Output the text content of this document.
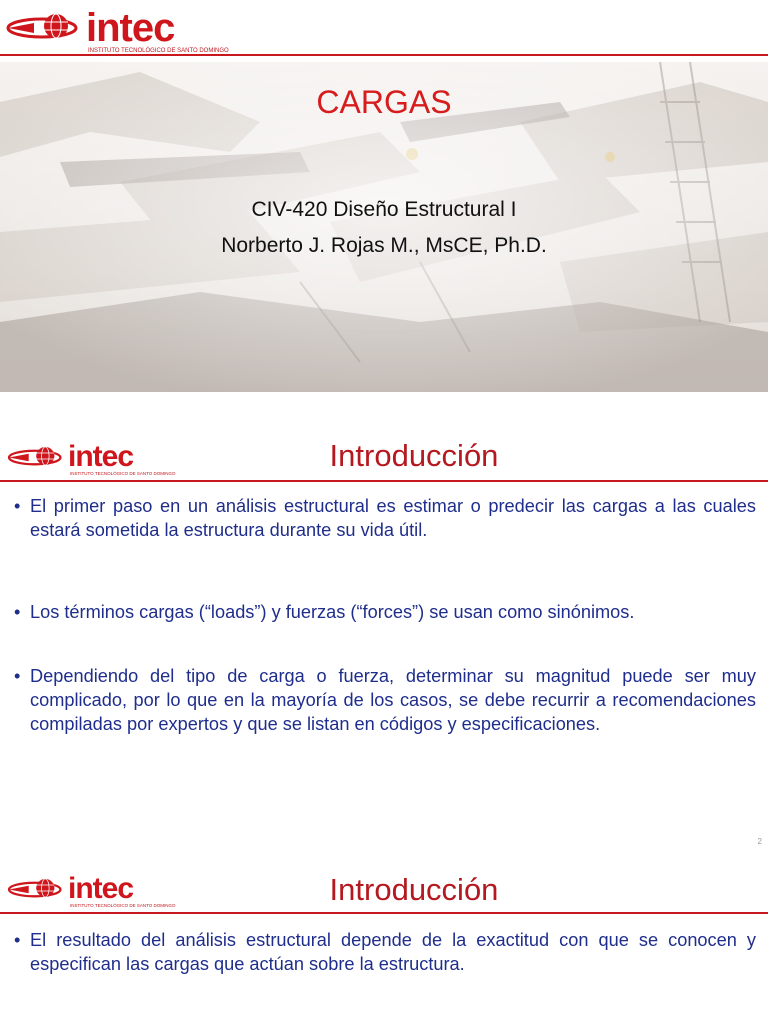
intec
INSTITUTO TECNOLÓGICO DE SANTO DOMINGO
CARGAS
CIV-420 Diseño Estructural I
Norberto J. Rojas M., MsCE, Ph.D.
intec
INSTITUTO TECNOLÓGICO DE SANTO DOMINGO
Introducción
• El primer paso en un análisis estructural es estimar o predecir las cargas a las cuales estará sometida la estructura durante su vida útil.
• Los términos cargas (“loads”) y fuerzas (“forces”) se usan como sinónimos.
• Dependiendo del tipo de carga o fuerza, determinar su magnitud puede ser muy complicado, por lo que en la mayoría de los casos, se debe recurrir a recomendaciones compiladas por expertos y que se listan en códigos y especificaciones.
2
intec
INSTITUTO TECNOLÓGICO DE SANTO DOMINGO	Introducción
• El resultado del análisis estructural depende de la exactitud con que se conocen y especifican las cargas que actúan sobre la estructura.
